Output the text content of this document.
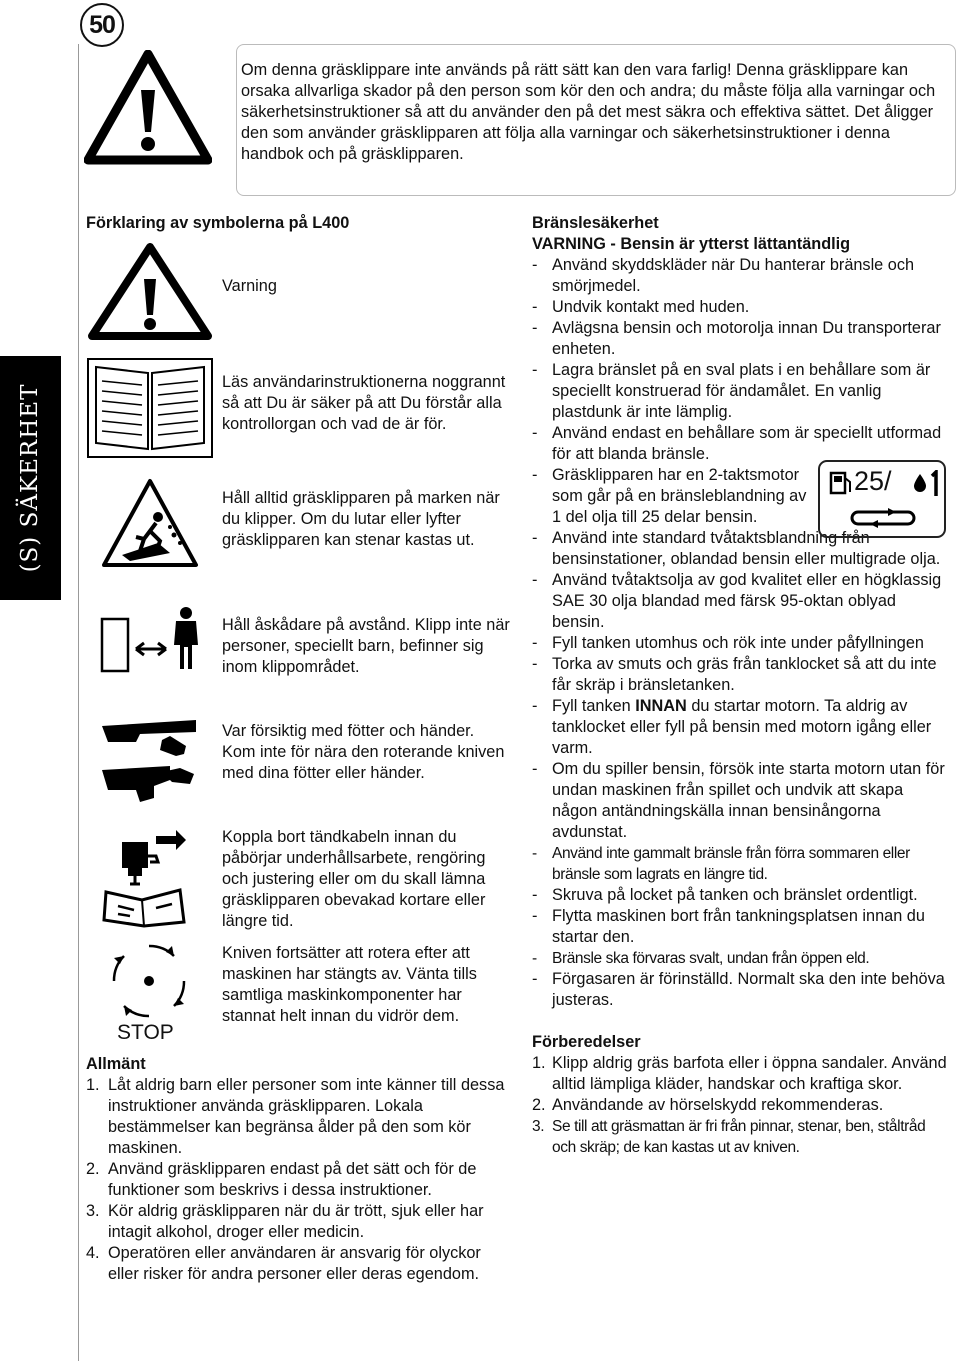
50

Om denna gräsklippare inte används på rätt sätt kan den vara farlig! Denna gräsklippare kan orsaka allvarliga skador på den person som kör den och andra; du måste följa alla varningar och säkerhetsinstruktioner så att du använder den på det mest säkra och effektiva sättet. Det åligger den som använder gräsklipparen att följa alla varningar och säkerhetsinstruktioner i denna handbok och på gräsklipparen.

(S) SÄKERHET

Förklaring av symbolerna på L400

Varning

Läs användarinstruktionerna noggrannt så att Du är säker på att Du förstår alla kontrollorgan och vad de är för.

Håll alltid gräsklipparen på marken när du klipper. Om du lutar eller lyfter gräsklipparen kan stenar kastas ut.

Håll åskådare på avstånd. Klipp inte när personer, speciellt barn, befinner sig inom klippområdet.

Var försiktig med fötter och händer. Kom inte för nära den roterande kniven med dina fötter eller händer.

Koppla bort tändkabeln innan du påbörjar underhållsarbete, rengöring och justering eller om du skall lämna gräsklipparen obevakad kortare eller längre tid.

STOP

Kniven fortsätter att rotera efter att maskinen har stängts av. Vänta tills samtliga maskinkomponenter har stannat helt innan du vidrör dem.

Allmänt

1. Låt aldrig barn eller personer som inte känner till dessa instruktioner använda gräsklipparen. Lokala bestämmelser kan begränsa ålder på den som kör maskinen.

2. Använd gräsklipparen endast på det sätt och för de funktioner som beskrivs i dessa instruktioner.

3. Kör aldrig gräsklipparen när du är trött, sjuk eller har intagit alkohol, droger eller medicin.

4. Operatören eller användaren är ansvarig för olyckor eller risker för andra personer eller deras egendom.

Bränslesäkerhet

VARNING - Bensin är ytterst lättantändlig

- Använd skyddskläder när Du hanterar bränsle och smörjmedel.

- Undvik kontakt med huden.

- Avlägsna bensin och motorolja innan Du transporterar enheten.

- Lagra bränslet på en sval plats i en behållare som är speciellt konstruerad för ändamålet. En vanlig plastdunk är inte lämplig.

- Använd endast en behållare som är speciellt utformad för att blanda bränsle.

- Gräsklipparen har en 2-taktsmotor som går på en bränsleblandning av 1 del olja till 25 delar bensin.

- Använd inte standard tvåtaktsblandning från bensinstationer, oblandad bensin eller multigrade olja.

- Använd tvåtaktsolja av god kvalitet eller en högklassig SAE 30 olja blandad med färsk 95-oktan oblyad bensin.

- Fyll tanken utomhus och rök inte under påfyllningen

- Torka av smuts och gräs från tanklocket så att du inte får skräp i bränsletanken.

- Fyll tanken INNAN du startar motorn. Ta aldrig av tanklocket eller fyll på bensin med motorn igång eller varm.

- Om du spiller bensin, försök inte starta motorn utan för undan maskinen från spillet och undvik att skapa någon antändningskälla innan bensinångorna avdunstat.

- Använd inte gammalt bränsle från förra sommaren eller bränsle som lagrats en längre tid.

- Skruva på locket på tanken och bränslet ordentligt.

- Flytta maskinen bort från tankningsplatsen innan du startar den.

- Bränsle ska förvaras svalt, undan från öppen eld.

- Förgasaren är förinställd. Normalt ska den inte behöva justeras.

Förberedelser

1. Klipp aldrig gräs barfota eller i öppna sandaler. Använd alltid lämpliga kläder, handskar och kraftiga skor.

2. Användande av hörselskydd rekommenderas.

3. Se till att gräsmattan är fri från pinnar, stenar, ben, ståltråd och skräp; de kan kastas ut av kniven.

25/
